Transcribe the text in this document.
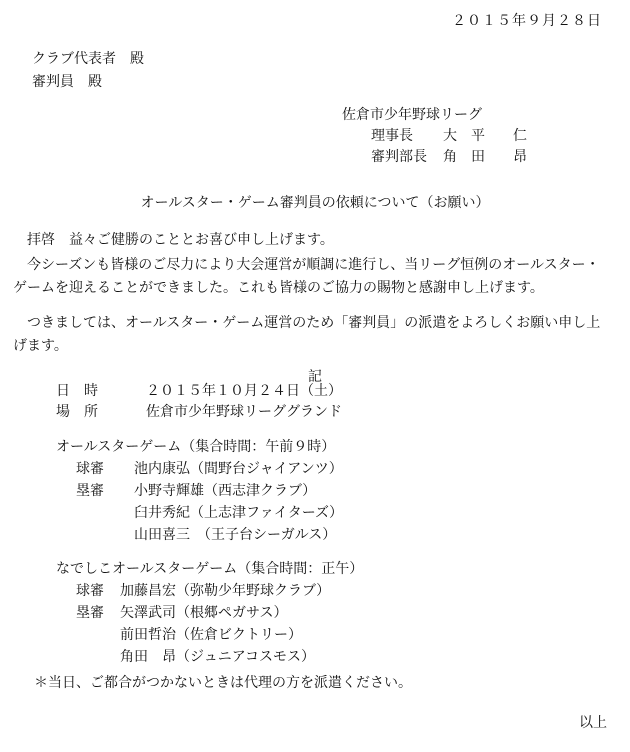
２０１５年９月２８日
クラブ代表者　殿
審判員　殿
佐倉市少年野球リーグ
理事長 大　平　　仁
審判部長 角　田　　昂
オールスター・ゲーム審判員の依頼について（お願い）
　拝啓　益々ご健勝のこととお喜び申し上げます。
　今シーズンも皆様のご尽力により大会運営が順調に進行し、当リーグ恒例のオールスター・ゲームを迎えることができました。これも皆様のご協力の賜物と感謝申し上げます。
　つきましては、オールスター・ゲーム運営のため「審判員」の派遣をよろしくお願い申し上げます。
記
日　時	２０１５年１０月２４日（土）
場　所	佐倉市少年野球リーググランド
オールスターゲーム（集合時間：午前９時）
球審 池内康弘（間野台ジャイアンツ）
塁審 小野寺輝雄（西志津クラブ）
臼井秀紀（上志津ファイターズ）
山田喜三　（王子台シーガルス）
なでしこオールスターゲーム（集合時間：正午）
球審 加藤昌宏（弥勒少年野球クラブ）
塁審 矢澤武司（根郷ペガサス）
前田哲治（佐倉ビクトリー）
角田　昂（ジュニアコスモス）
＊当日、ご都合がつかないときは代理の方を派遣ください。
以上
